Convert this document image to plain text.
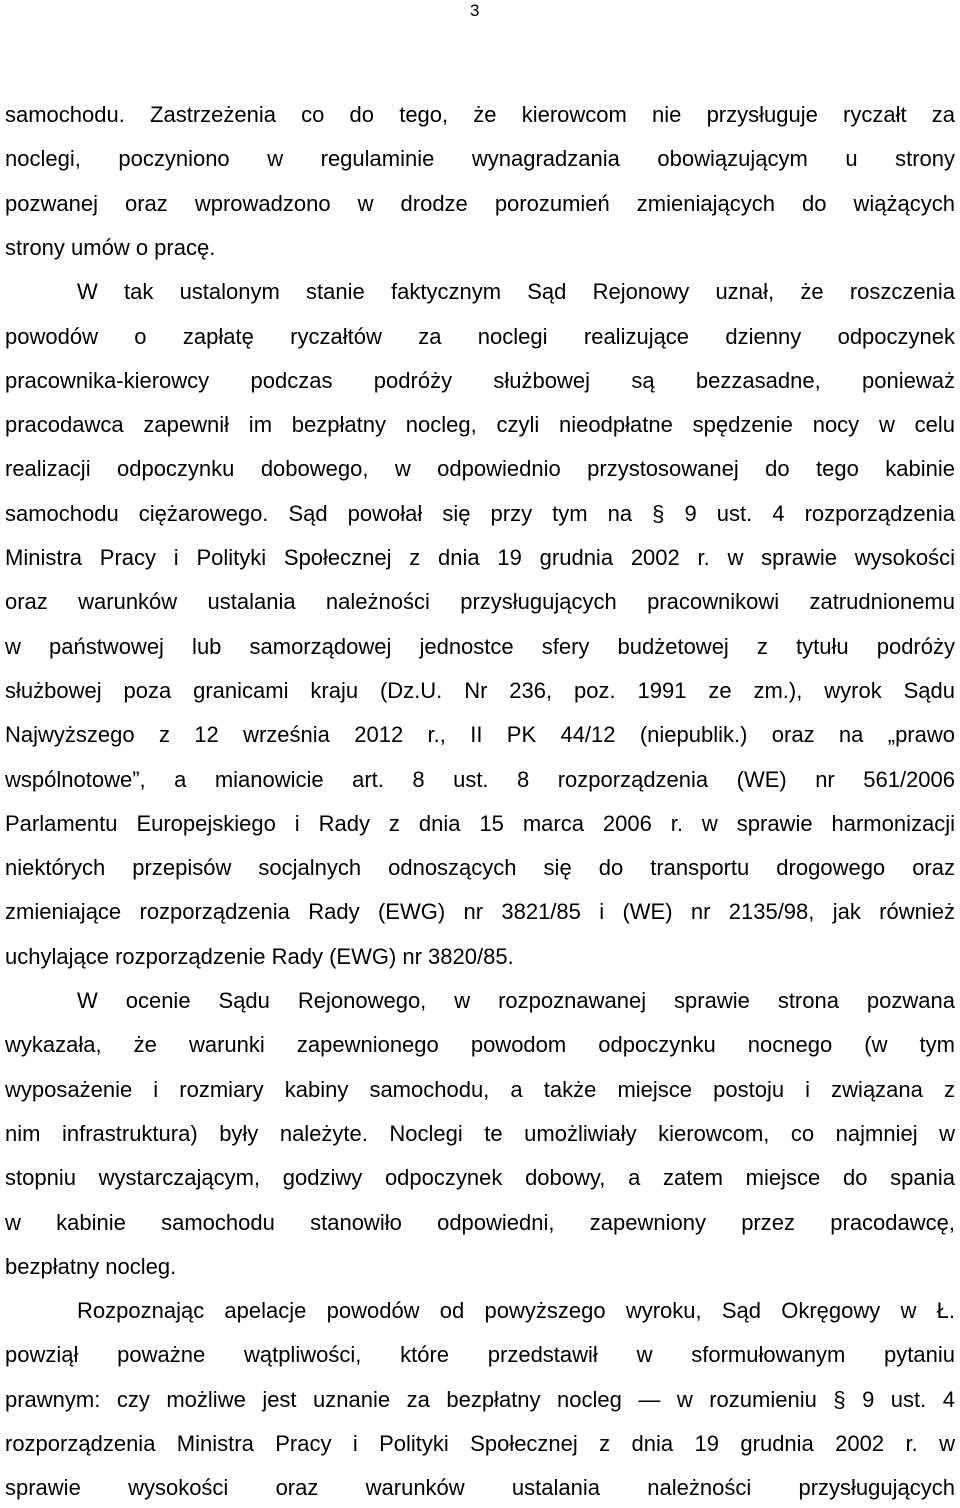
3
samochodu. Zastrzeżenia co do tego, że kierowcom nie przysługuje ryczałt za
noclegi, poczyniono w regulaminie wynagradzania obowiązującym u strony
pozwanej oraz wprowadzono w drodze porozumień zmieniających do wiążących
strony umów o pracę.
W tak ustalonym stanie faktycznym Sąd Rejonowy uznał, że roszczenia
powodów o zapłatę ryczałtów za noclegi realizujące dzienny odpoczynek
pracownika-kierowcy podczas podróży służbowej są bezzasadne, ponieważ
pracodawca zapewnił im bezpłatny nocleg, czyli nieodpłatne spędzenie nocy w celu
realizacji odpoczynku dobowego, w odpowiednio przystosowanej do tego kabinie
samochodu ciężarowego. Sąd powołał się przy tym na § 9 ust. 4 rozporządzenia
Ministra Pracy i Polityki Społecznej z dnia 19 grudnia 2002 r. w sprawie wysokości
oraz warunków ustalania należności przysługujących pracownikowi zatrudnionemu
w państwowej lub samorządowej jednostce sfery budżetowej z tytułu podróży
służbowej poza granicami kraju (Dz.U. Nr 236, poz. 1991 ze zm.), wyrok Sądu
Najwyższego z 12 września 2012 r., II PK 44/12 (niepublik.) oraz na „prawo
wspólnotowe”, a mianowicie art. 8 ust. 8 rozporządzenia (WE) nr 561/2006
Parlamentu Europejskiego i Rady z dnia 15 marca 2006 r. w sprawie harmonizacji
niektórych przepisów socjalnych odnoszących się do transportu drogowego oraz
zmieniające rozporządzenia Rady (EWG) nr 3821/85 i (WE) nr 2135/98, jak również
uchylające rozporządzenie Rady (EWG) nr 3820/85.
W ocenie Sądu Rejonowego, w rozpoznawanej sprawie strona pozwana
wykazała, że warunki zapewnionego powodom odpoczynku nocnego (w tym
wyposażenie i rozmiary kabiny samochodu, a także miejsce postoju i związana z
nim infrastruktura) były należyte. Noclegi te umożliwiały kierowcom, co najmniej w
stopniu wystarczającym, godziwy odpoczynek dobowy, a zatem miejsce do spania
w kabinie samochodu stanowiło odpowiedni, zapewniony przez pracodawcę,
bezpłatny nocleg.
Rozpoznając apelacje powodów od powyższego wyroku, Sąd Okręgowy w Ł.
powziął poważne wątpliwości, które przedstawił w sformułowanym pytaniu
prawnym: czy możliwe jest uznanie za bezpłatny nocleg — w rozumieniu § 9 ust. 4
rozporządzenia Ministra Pracy i Polityki Społecznej z dnia 19 grudnia 2002 r. w
sprawie wysokości oraz warunków ustalania należności przysługujących
